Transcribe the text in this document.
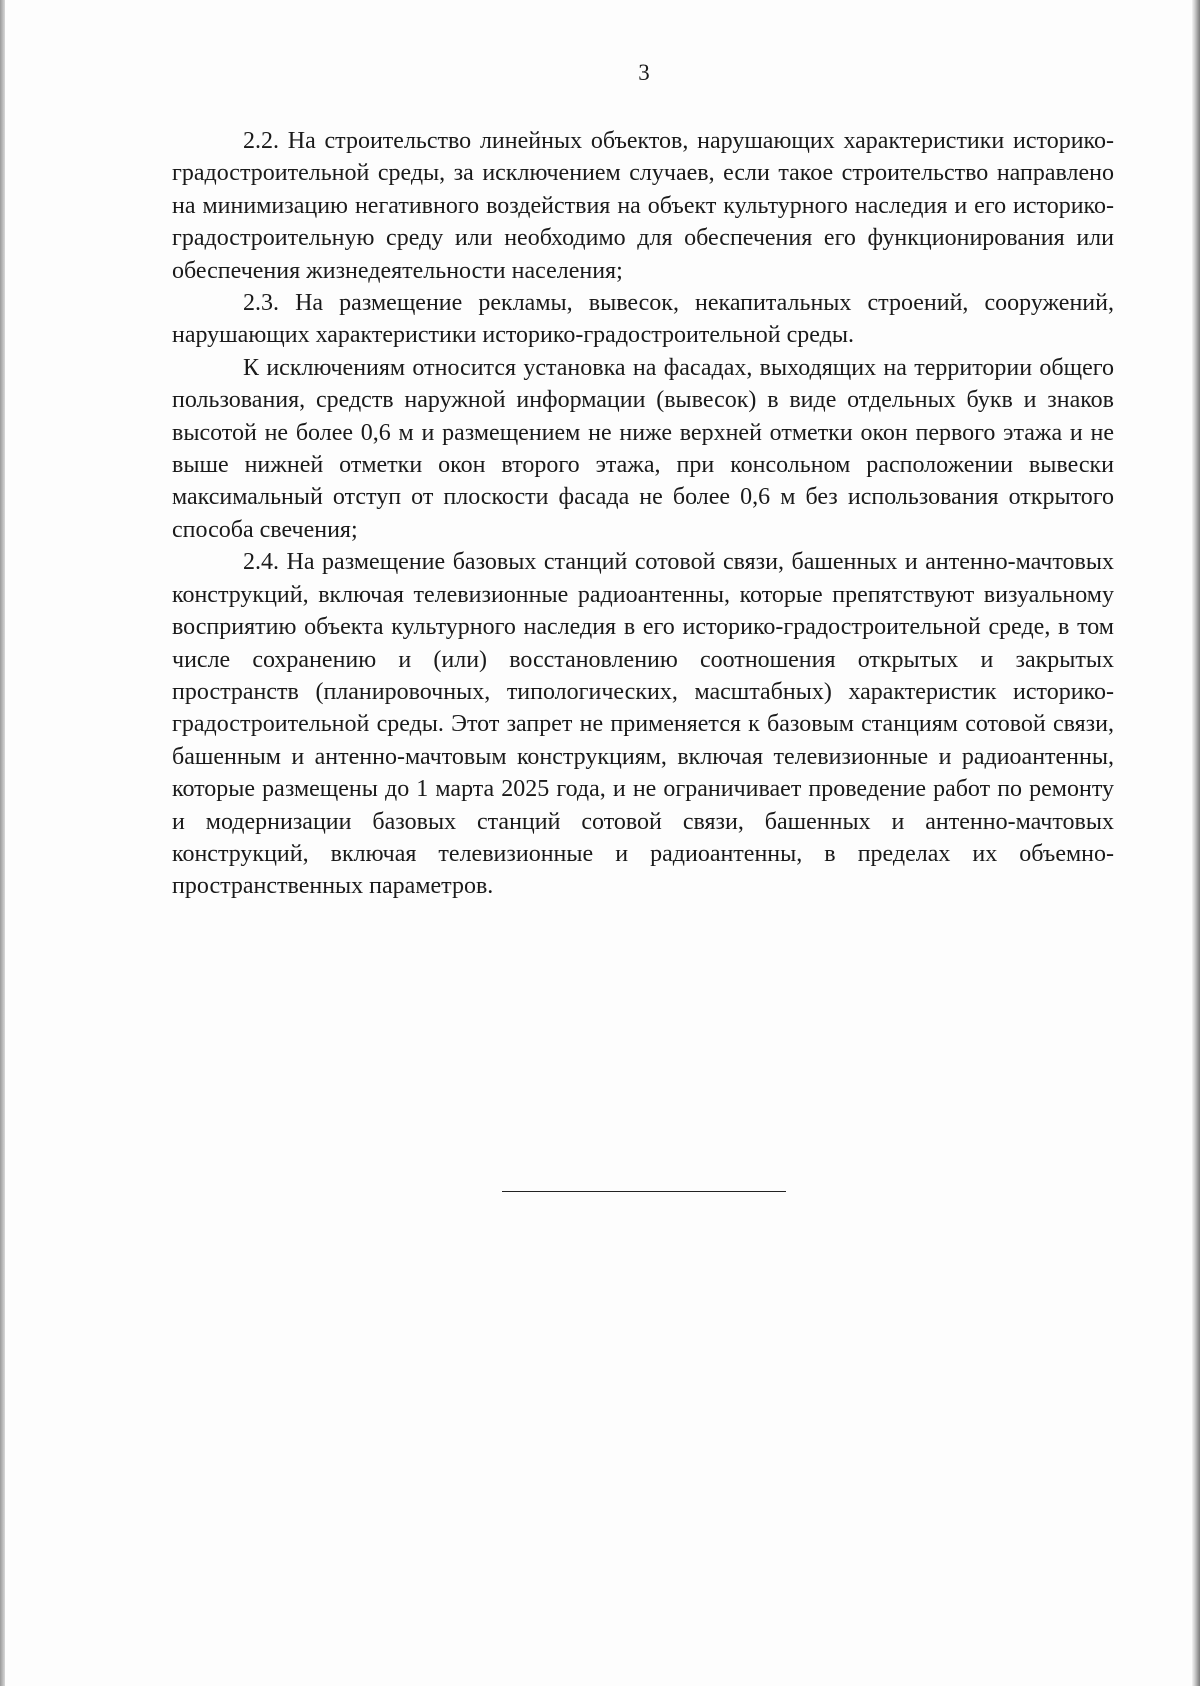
3

2.2. На строительство линейных объектов, нарушающих характеристики историко-градостроительной среды, за исключением случаев, если такое строительство направлено на минимизацию негативного воздействия на объект культурного наследия и его историко-градостроительную среду или необходимо для обеспечения его функционирования или обеспечения жизнедеятельности населения;

2.3. На размещение рекламы, вывесок, некапитальных строений, сооружений, нарушающих характеристики историко-градостроительной среды.

К исключениям относится установка на фасадах, выходящих на территории общего пользования, средств наружной информации (вывесок) в виде отдельных букв и знаков высотой не более 0,6 м и размещением не ниже верхней отметки окон первого этажа и не выше нижней отметки окон второго этажа, при консольном расположении вывески максимальный отступ от плоскости фасада не более 0,6 м без использования открытого способа свечения;

2.4. На размещение базовых станций сотовой связи, башенных и антенно-мачтовых конструкций, включая телевизионные радиоантенны, которые препятствуют визуальному восприятию объекта культурного наследия в его историко-градостроительной среде, в том числе сохранению и (или) восстановлению соотношения открытых и закрытых пространств (планировочных, типологических, масштабных) характеристик историко-градостроительной среды. Этот запрет не применяется к базовым станциям сотовой связи, башенным и антенно-мачтовым конструкциям, включая телевизионные и радиоантенны, которые размещены до 1 марта 2025 года, и не ограничивает проведение работ по ремонту и модернизации базовых станций сотовой связи, башенных и антенно-мачтовых конструкций, включая телевизионные и радиоантенны, в пределах их объемно-пространственных параметров.
